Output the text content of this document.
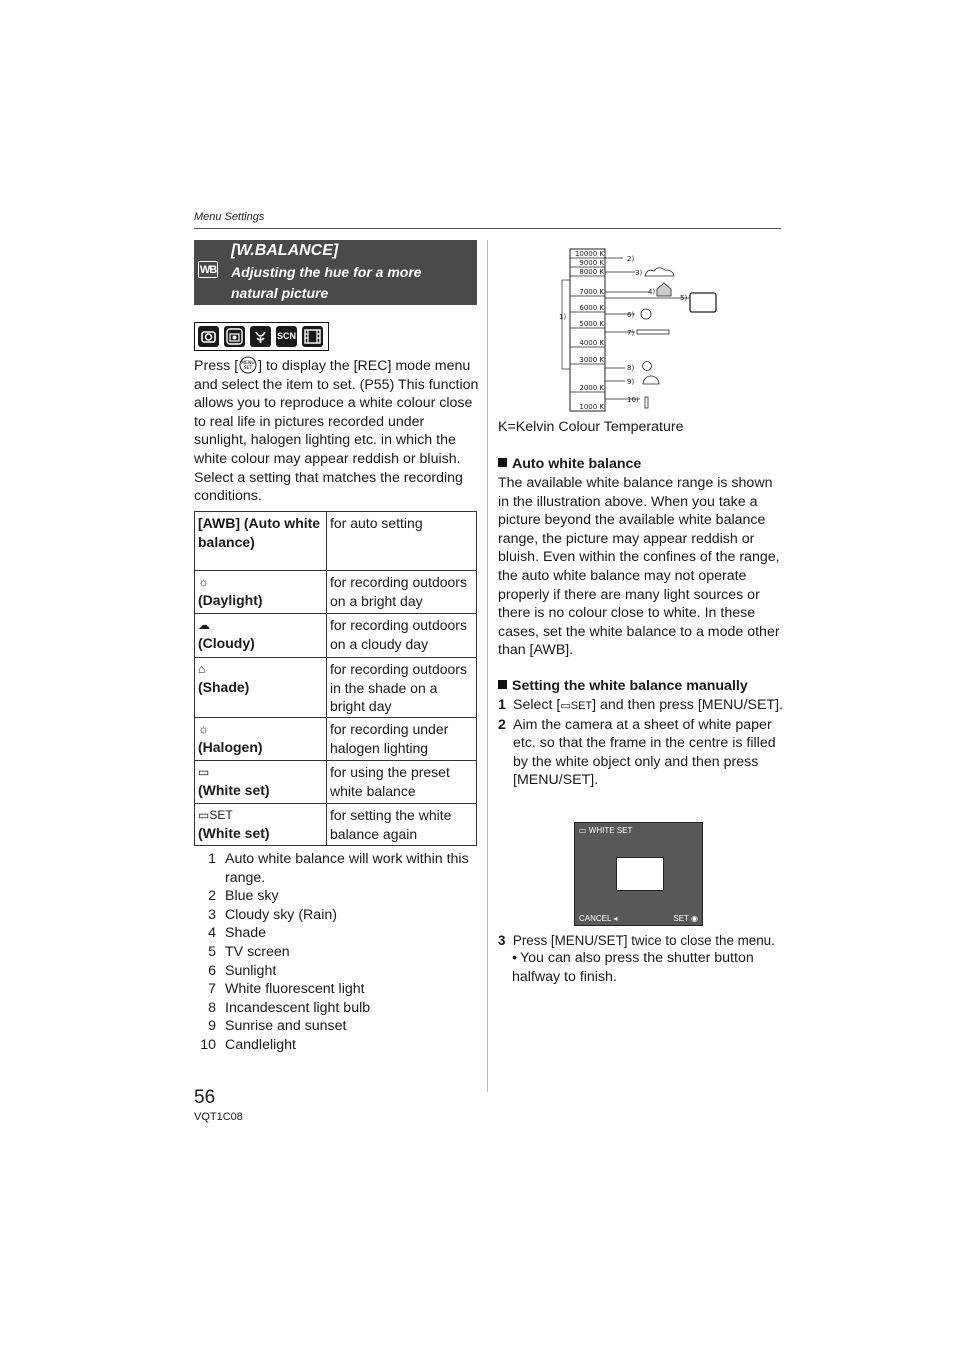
Menu Settings
WB
[W.BALANCE]
Adjusting the hue for a more natural picture
SCN
Press [ MENU
SET ] to display the [REC] mode menu and select the item to set. (P55) This function allows you to reproduce a white colour close to real life in pictures recorded under sunlight, halogen lighting etc. in which the white colour may appear reddish or bluish. Select a setting that matches the recording conditions.
[AWB] (Auto white balance)	for auto setting

☼
(Daylight)	for recording outdoors on a bright day

☁
(Cloudy)	for recording outdoors on a cloudy day

⌂
(Shade)	for recording outdoors in the shade on a bright day

☼
(Halogen)	for recording under halogen lighting

▭
(White set)	for using the preset white balance

▭SET
(White set)	for setting the white balance again
1 Auto white balance will work within this range.
2 Blue sky
3 Cloudy sky (Rain)
4 Shade
5 TV screen
6 Sunlight
7 White fluorescent light
8 Incandescent light bulb
9 Sunrise and sunset
10 Candlelight
56
VQT1C08
10000 K
9000 K
8000 K
7000 K
6000 K
5000 K
4000 K
3000 K
2000 K
1000 K
1)
2)
3)
4)
5)
6)
7)
8)
9)
10)
K=Kelvin Colour Temperature
Auto white balance
The available white balance range is shown in the illustration above. When you take a picture beyond the available white balance range, the picture may appear reddish or bluish. Even within the confines of the range, the auto white balance may not operate properly if there are many light sources or there is no colour close to white. In these cases, set the white balance to a mode other than [AWB].
Setting the white balance manually
1 Select [▭SET] and then press [MENU/SET].
2 Aim the camera at a sheet of white paper etc. so that the frame in the centre is filled by the white object only and then press [MENU/SET].
▭ WHITE SET
CANCEL ◂	SET ◉
3 Press [MENU/SET] twice to close the menu.
• You can also press the shutter button halfway to finish.
